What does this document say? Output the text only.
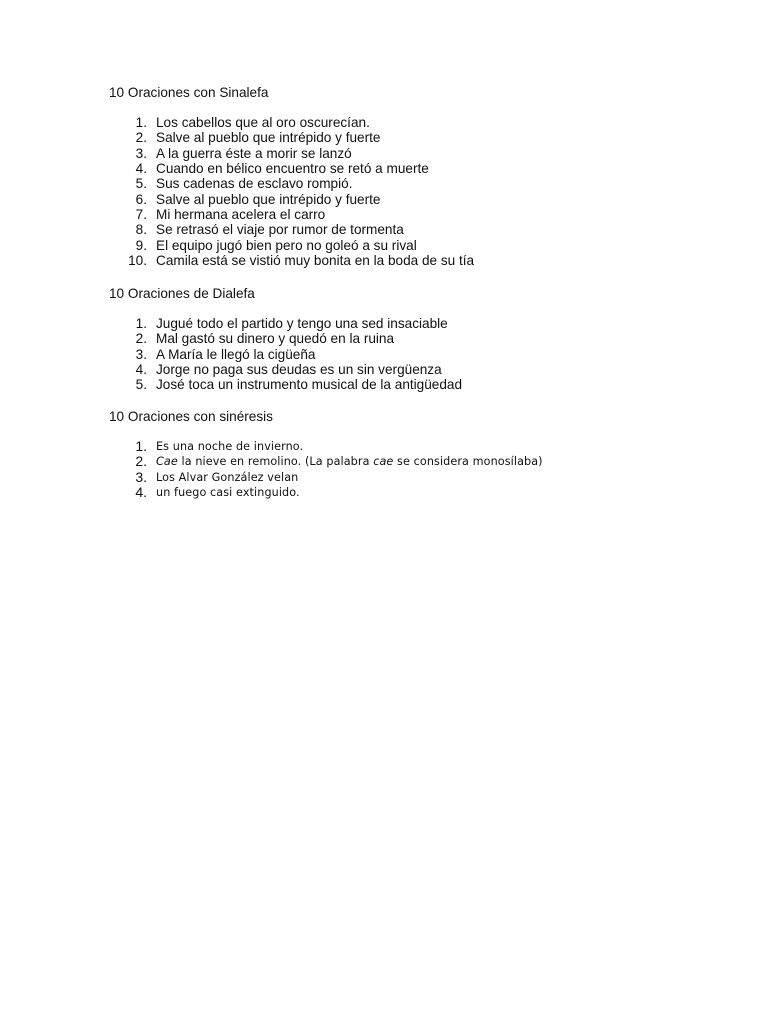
10 Oraciones con Sinalefa
1. Los cabellos que al oro oscurecían.
2. Salve al pueblo que intrépido y fuerte
3. A la guerra éste a morir se lanzó
4. Cuando en bélico encuentro se retó a muerte
5. Sus cadenas de esclavo rompió.
6. Salve al pueblo que intrépido y fuerte
7. Mi hermana acelera el carro
8. Se retrasó el viaje por rumor de tormenta
9. El equipo jugó bien pero no goleó a su rival
10. Camila está se vistió muy bonita en la boda de su tía
10 Oraciones de Dialefa
1. Jugué todo el partido y tengo una sed insaciable
2. Mal gastó su dinero y quedó en la ruina
3. A María le llegó la cigüeña
4. Jorge no paga sus deudas es un sin vergüenza
5. José toca un instrumento musical de la antigüedad
10 Oraciones con sinéresis
1. Es una noche de invierno.
2. Cae la nieve en remolino. (La palabra cae se considera monosílaba)
3. Los Alvar González velan
4. un fuego casi extinguido.
